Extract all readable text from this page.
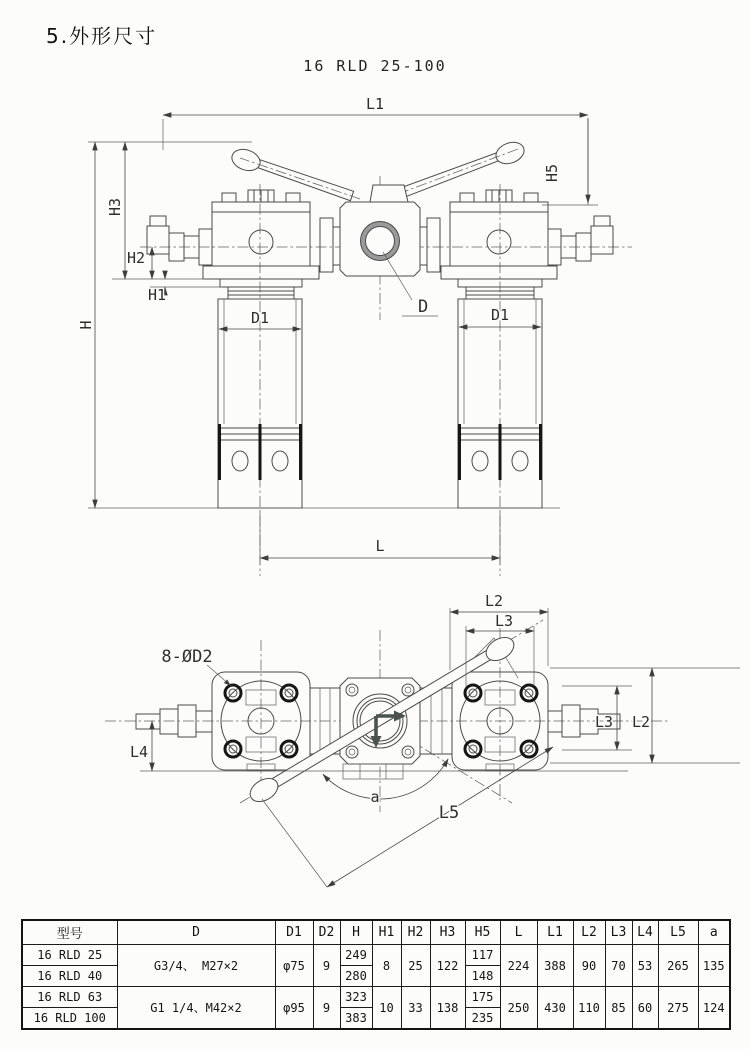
5.外形尺寸
16 RLD 25-100
L1
H5
H
H3
H2
H1
D1	D1
D
L
8-ØD2
L2
L3
L3 L2
L4
a
L5
型号	D	D1	D2	H	H1	H2	H3	H5	L	L1	L2	L3	L4	L5	a
16 RLD 25	G3/4、 M27×2	φ75	9	249	8	25	122	117	224	388	90	70	53	265	135
16 RLD 40				280				148							
16 RLD 63	G1 1/4、M42×2	φ95	9	323	10	33	138	175	250	430	110	85	60	275	124
16 RLD 100				383				235							
